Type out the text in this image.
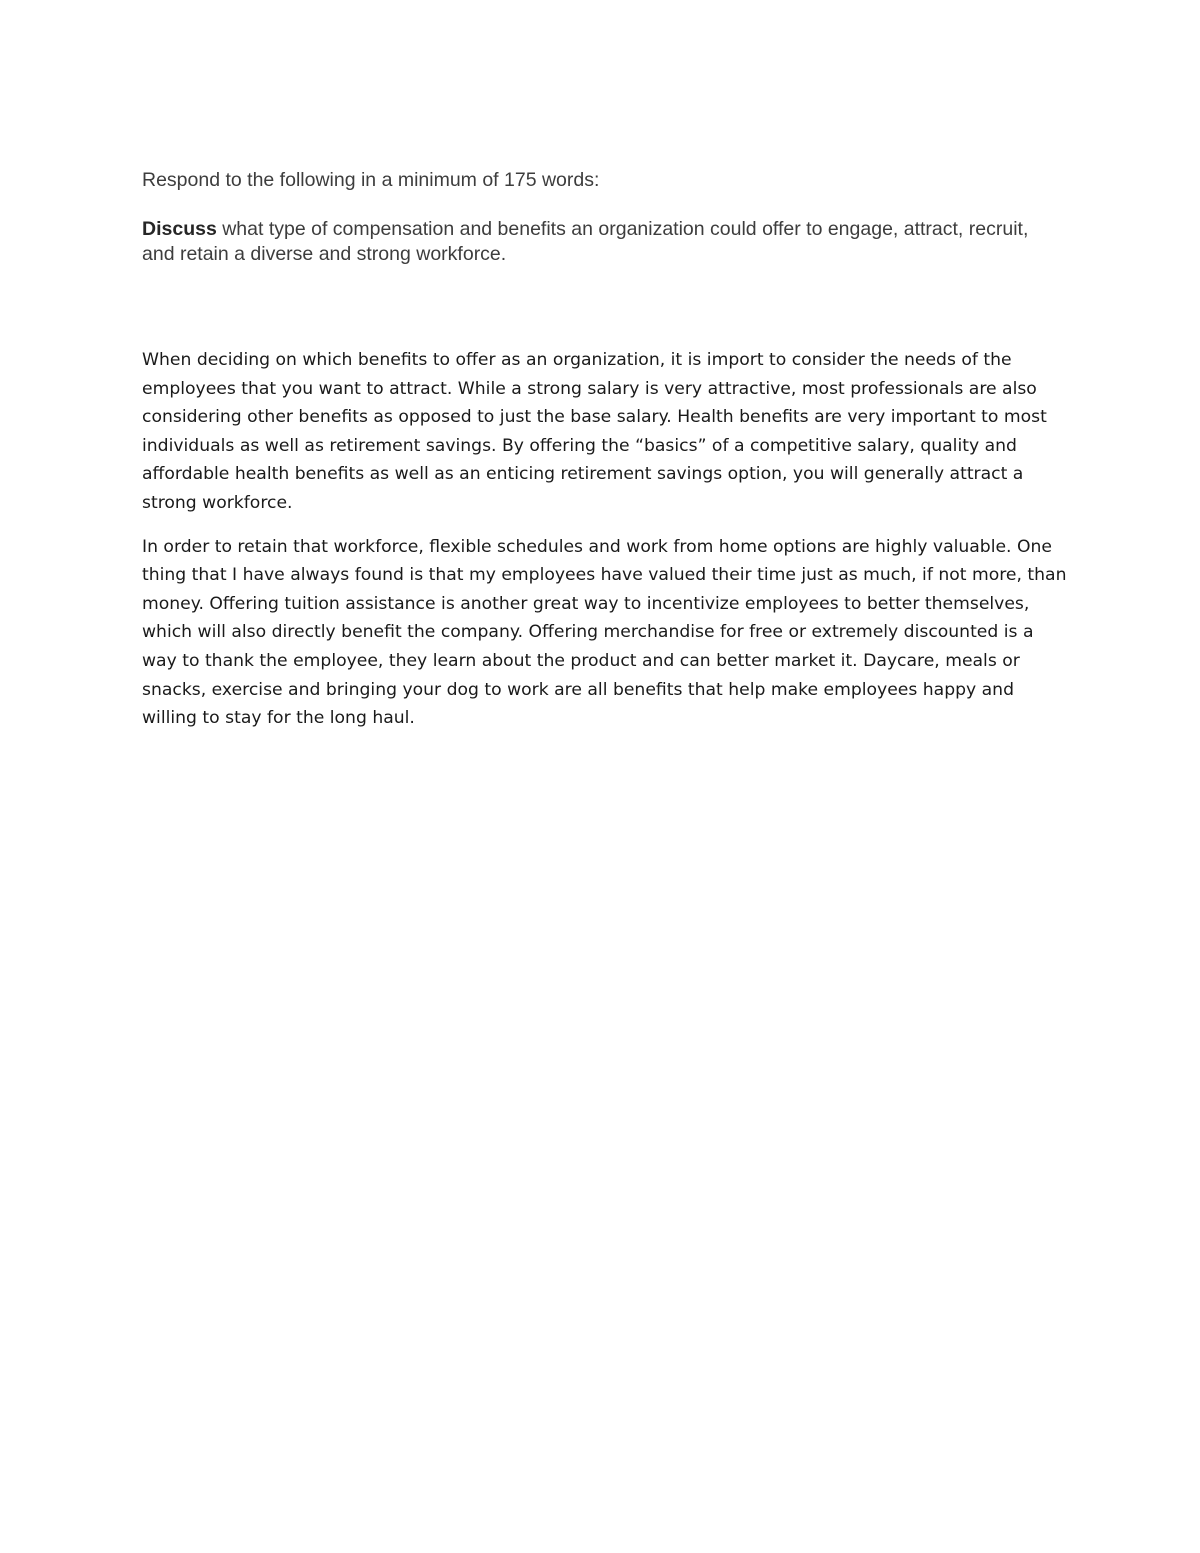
Respond to the following in a minimum of 175 words:

Discuss what type of compensation and benefits an organization could offer to engage, attract, recruit, and retain a diverse and strong workforce.

When deciding on which benefits to offer as an organization, it is import to consider the needs of the employees that you want to attract. While a strong salary is very attractive, most professionals are also considering other benefits as opposed to just the base salary. Health benefits are very important to most individuals as well as retirement savings. By offering the “basics” of a competitive salary, quality and affordable health benefits as well as an enticing retirement savings option, you will generally attract a strong workforce.

In order to retain that workforce, flexible schedules and work from home options are highly valuable. One thing that I have always found is that my employees have valued their time just as much, if not more, than money. Offering tuition assistance is another great way to incentivize employees to better themselves, which will also directly benefit the company. Offering merchandise for free or extremely discounted is a way to thank the employee, they learn about the product and can better market it. Daycare, meals or snacks, exercise and bringing your dog to work are all benefits that help make employees happy and willing to stay for the long haul.
